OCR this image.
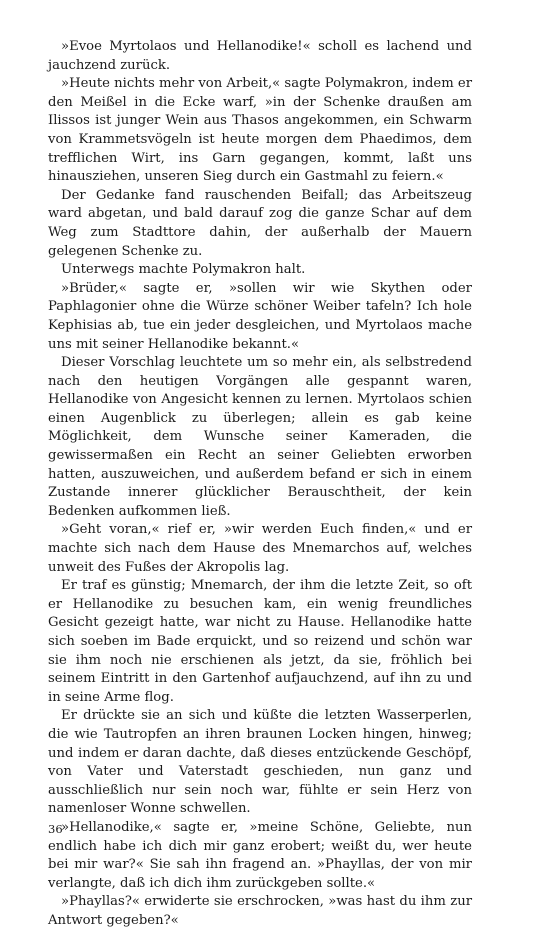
»Evoe Myrtolaos und Hellanodike!« scholl es lachend und jauchzend zurück.

»Heute nichts mehr von Arbeit,« sagte Polymakron, indem er den Meißel in die Ecke warf, »in der Schenke draußen am Ilissos ist junger Wein aus Thasos angekommen, ein Schwarm von Krammetsvögeln ist heute morgen dem Phaedimos, dem trefflichen Wirt, ins Garn gegangen, kommt, laßt uns hinausziehen, unseren Sieg durch ein Gastmahl zu feiern.«

Der Gedanke fand rauschenden Beifall; das Arbeitszeug ward abgetan, und bald darauf zog die ganze Schar auf dem Weg zum Stadttore dahin, der außerhalb der Mauern gelegenen Schenke zu.

Unterwegs machte Polymakron halt.

»Brüder,« sagte er, »sollen wir wie Skythen oder Paphlagonier ohne die Würze schöner Weiber tafeln? Ich hole Kephisias ab, tue ein jeder desgleichen, und Myrtolaos mache uns mit seiner Hellanodike bekannt.«

Dieser Vorschlag leuchtete um so mehr ein, als selbstredend nach den heutigen Vorgängen alle gespannt waren, Hellanodike von Angesicht kennen zu lernen. Myrtolaos schien einen Augenblick zu überlegen; allein es gab keine Möglichkeit, dem Wunsche seiner Kameraden, die gewissermaßen ein Recht an seiner Geliebten erworben hatten, auszuweichen, und außerdem befand er sich in einem Zustande innerer glücklicher Berauschtheit, der kein Bedenken aufkommen ließ.

»Geht voran,« rief er, »wir werden Euch finden,« und er machte sich nach dem Hause des Mnemarchos auf, welches unweit des Fußes der Akropolis lag.

Er traf es günstig; Mnemarch, der ihm die letzte Zeit, so oft er Hellanodike zu besuchen kam, ein wenig freundliches Gesicht gezeigt hatte, war nicht zu Hause. Hellanodike hatte sich soeben im Bade erquickt, und so reizend und schön war sie ihm noch nie erschienen als jetzt, da sie, fröhlich bei seinem Eintritt in den Gartenhof aufjauchzend, auf ihn zu und in seine Arme flog.

Er drückte sie an sich und küßte die letzten Wasserperlen, die wie Tautropfen an ihren braunen Locken hingen, hinweg; und indem er daran dachte, daß dieses entzückende Geschöpf, von Vater und Vaterstadt geschieden, nun ganz und ausschließlich nur sein noch war, fühlte er sein Herz von namenloser Wonne schwellen.

»Hellanodike,« sagte er, »meine Schöne, Geliebte, nun endlich habe ich dich mir ganz erobert; weißt du, wer heute bei mir war?« Sie sah ihn fragend an. »Phayllas, der von mir verlangte, daß ich dich ihm zurückgeben sollte.«

»Phayllas?« erwiderte sie erschrocken, »was hast du ihm zur Antwort gegeben?«

36
